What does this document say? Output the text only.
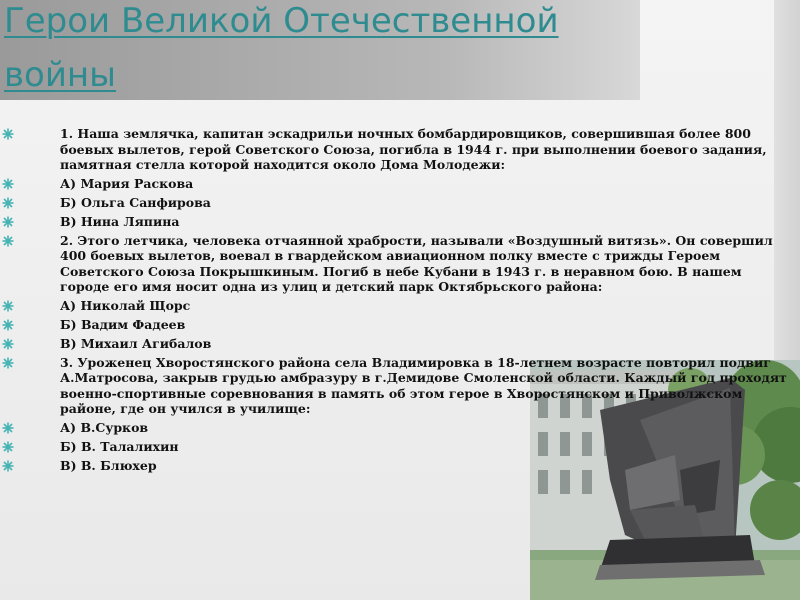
Герои Великой Отечественной войны
1. Наша землячка, капитан эскадрильи ночных бомбардировщиков, совершившая более 800 боевых вылетов, герой Советского Союза, погибла в 1944 г. при выполнении боевого задания, памятная стелла которой находится около Дома Молодежи:
А) Мария Раскова
Б) Ольга Санфирова
В) Нина Ляпина
2. Этого летчика, человека отчаянной храбрости, называли «Воздушный витязь». Он совершил 400 боевых вылетов, воевал в гвардейском авиационном полку вместе с трижды Героем Советского Союза Покрышкиным. Погиб в небе Кубани в 1943 г. в неравном бою. В нашем городе его имя носит одна из улиц и детский парк Октябрьского района:
А) Николай Щорс
Б) Вадим Фадеев
В) Михаил Агибалов
3. Уроженец Хворостянского района села Владимировка в 18-летнем возрасте повторил подвиг А.Матросова, закрыв грудью амбразуру в г.Демидове Смоленской области. Каждый год проходят военно-спортивные соревнования в память об этом герое в Хворостянском и Приволжском районе, где он учился в училище:
А) В.Сурков
Б) В. Талалихин
В) В. Блюхер
